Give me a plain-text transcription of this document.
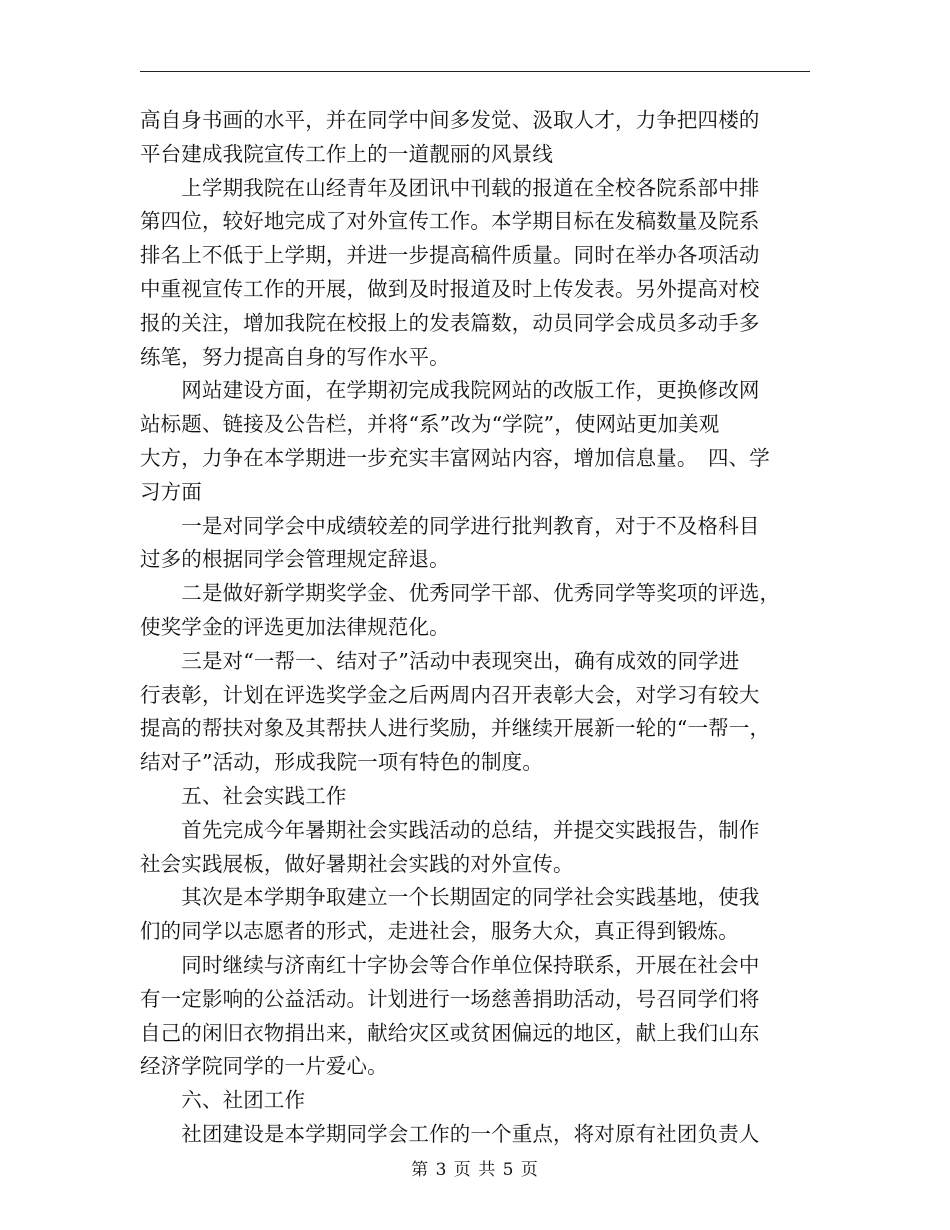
高自身书画的水平，并在同学中间多发觉、汲取人才，力争把四楼的
平台建成我院宣传工作上的一道靓丽的风景线
　　上学期我院在山经青年及团讯中刊载的报道在全校各院系部中排
第四位，较好地完成了对外宣传工作。本学期目标在发稿数量及院系
排名上不低于上学期，并进一步提高稿件质量。同时在举办各项活动
中重视宣传工作的开展，做到及时报道及时上传发表。另外提高对校
报的关注，增加我院在校报上的发表篇数，动员同学会成员多动手多
练笔，努力提高自身的写作水平。
　　网站建设方面，在学期初完成我院网站的改版工作，更换修改网
站标题、链接及公告栏，并将“系”改为“学院”，使网站更加美观
大方，力争在本学期进一步充实丰富网站内容，增加信息量。　四、学
习方面
　　一是对同学会中成绩较差的同学进行批判教育，对于不及格科目
过多的根据同学会管理规定辞退。
　　二是做好新学期奖学金、优秀同学干部、优秀同学等奖项的评选，
使奖学金的评选更加法律规范化。
　　三是对“一帮一、结对子”活动中表现突出，确有成效的同学进
行表彰，计划在评选奖学金之后两周内召开表彰大会，对学习有较大
提高的帮扶对象及其帮扶人进行奖励，并继续开展新一轮的“一帮一，
结对子”活动，形成我院一项有特色的制度。
　　五、社会实践工作
　　首先完成今年暑期社会实践活动的总结，并提交实践报告，制作
社会实践展板，做好暑期社会实践的对外宣传。
　　其次是本学期争取建立一个长期固定的同学社会实践基地，使我
们的同学以志愿者的形式，走进社会，服务大众，真正得到锻炼。
　　同时继续与济南红十字协会等合作单位保持联系，开展在社会中
有一定影响的公益活动。计划进行一场慈善捐助活动，号召同学们将
自己的闲旧衣物捐出来，献给灾区或贫困偏远的地区，献上我们山东
经济学院同学的一片爱心。
　　六、社团工作
　　社团建设是本学期同学会工作的一个重点，将对原有社团负责人
第 3 页 共 5 页
